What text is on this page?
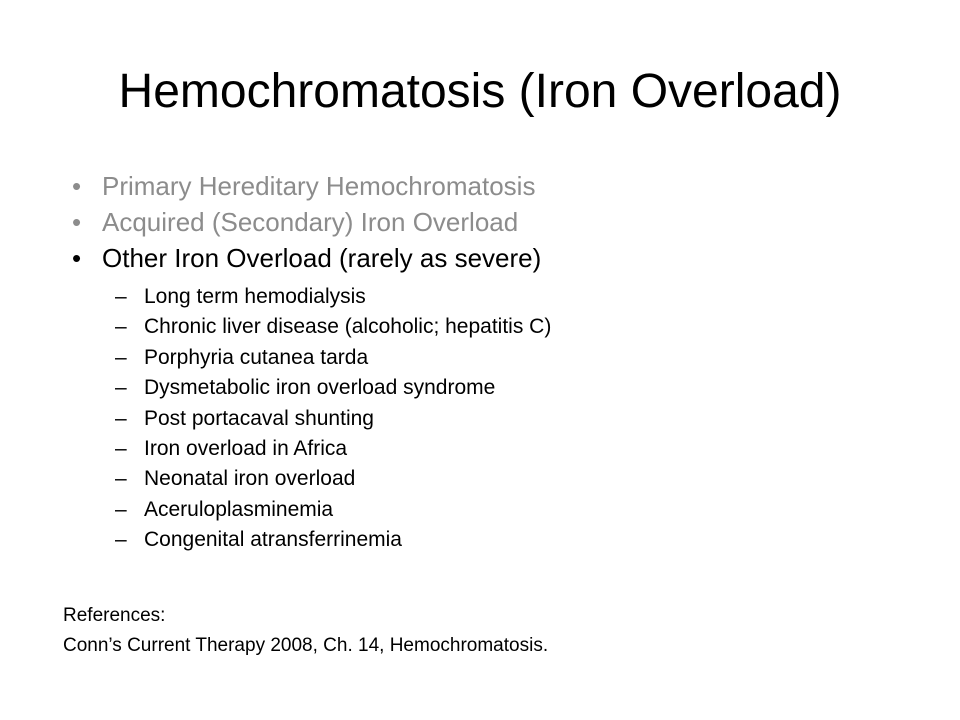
Hemochromatosis (Iron Overload)
• Primary Hereditary Hemochromatosis
• Acquired (Secondary) Iron Overload
• Other Iron Overload (rarely as severe)
– Long term hemodialysis
– Chronic liver disease (alcoholic; hepatitis C)
– Porphyria cutanea tarda
– Dysmetabolic iron overload syndrome
– Post portacaval shunting
– Iron overload in Africa
– Neonatal iron overload
– Aceruloplasminemia
– Congenital atransferrinemia
References:
Conn’s Current Therapy 2008, Ch. 14, Hemochromatosis.
